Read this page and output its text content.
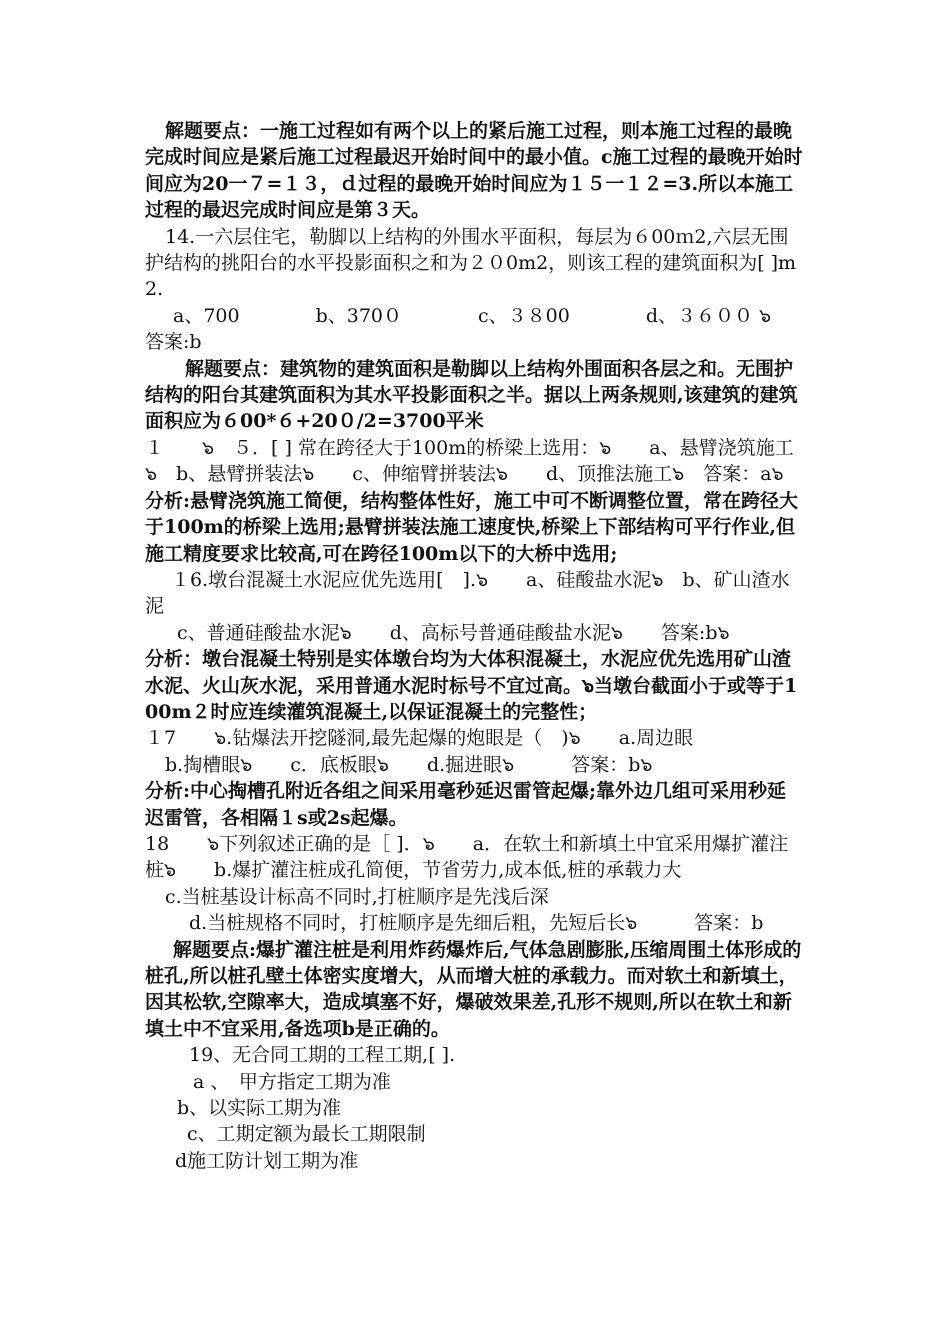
解题要点：一施工过程如有两个以上的紧后施工过程，则本施工过程的最晚完成时间应是紧后施工过程最迟开始时间中的最小值。c施工过程的最晚开始时间应为20一７=１３，ｄ过程的最晚开始时间应为１５一１２=3.所以本施工过程的最迟完成时间应是第３天。

14.一六层住宅，勒脚以上结构的外围水平面积，每层为６00ｍ2,六层无围护结构的挑阳台的水平投影面积之和为２０0m2，则该工程的建筑面积为[ ]m2.

a、700　　　　b、370０　　　　c、３８00　　　　d、３６００ ๖　　答案:b

解题要点：建筑物的建筑面积是勒脚以上结构外围面积各层之和。无围护结构的阳台其建筑面积为其水平投影面积之半。据以上两条规则,该建筑的建筑面积应为６00*６+20０/2=3700平米

１　　๖　５．[ ] 常在跨径大于100m的桥梁上选用：๖　　a、悬臂浇筑施工๖　b、悬臂拼装法๖　　c、伸缩臂拼装法๖　　d、顶推法施工๖　答案：a๖　

分析:悬臂浇筑施工简便，结构整体性好，施工中可不断调整位置，常在跨径大于100m的桥梁上选用;悬臂拼装法施工速度快,桥梁上下部结构可平行作业,但施工精度要求比较高,可在跨径100m以下的大桥中选用;

１6.墩台混凝土水泥应优先选用[　].๖　　a、硅酸盐水泥๖　b、矿山渣水泥

c、普通硅酸盐水泥๖　　d、高标号普通硅酸盐水泥๖　　答案:b๖

分析：墩台混凝土特别是实体墩台均为大体积混凝土，水泥应优先选用矿山渣水泥、火山灰水泥，采用普通水泥时标号不宜过高。๖当墩台截面小于或等于100m２时应连续灌筑混凝土,以保证混凝土的完整性；

１7　　๖.钻爆法开挖隧洞,最先起爆的炮眼是（　)๖　　a.周边眼

b.掏槽眼๖　　c．底板眼๖　　d.掘进眼๖　　　答案：b๖　　

分析:中心掏槽孔附近各组之间采用毫秒延迟雷管起爆;靠外边几组可采用秒延迟雷管，各相隔１s或2s起爆。

18　　๖下列叙述正确的是［ ]．๖　　a．在软土和新填土中宜采用爆扩灌注桩๖　　b.爆扩灌注桩成孔简便，节省劳力,成本低,桩的承载力大

c.当桩基设计标高不同时,打桩顺序是先浅后深

d.当桩规格不同时，打桩顺序是先细后粗，先短后长๖　　　答案：b

解题要点:爆扩灌注桩是利用炸药爆炸后,气体急剧膨胀,压缩周围土体形成的桩孔,所以桩孔壁土体密实度增大，从而增大桩的承载力。而对软土和新填土，因其松软,空隙率大，造成填塞不好，爆破效果差,孔形不规则,所以在软土和新填土中不宜采用,备选项b是正确的。

19、无合同工期的工程工期,[ ].

a 、　甲方指定工期为准

b、以实际工期为准

c、工期定额为最长工期限制

d施工防计划工期为准
